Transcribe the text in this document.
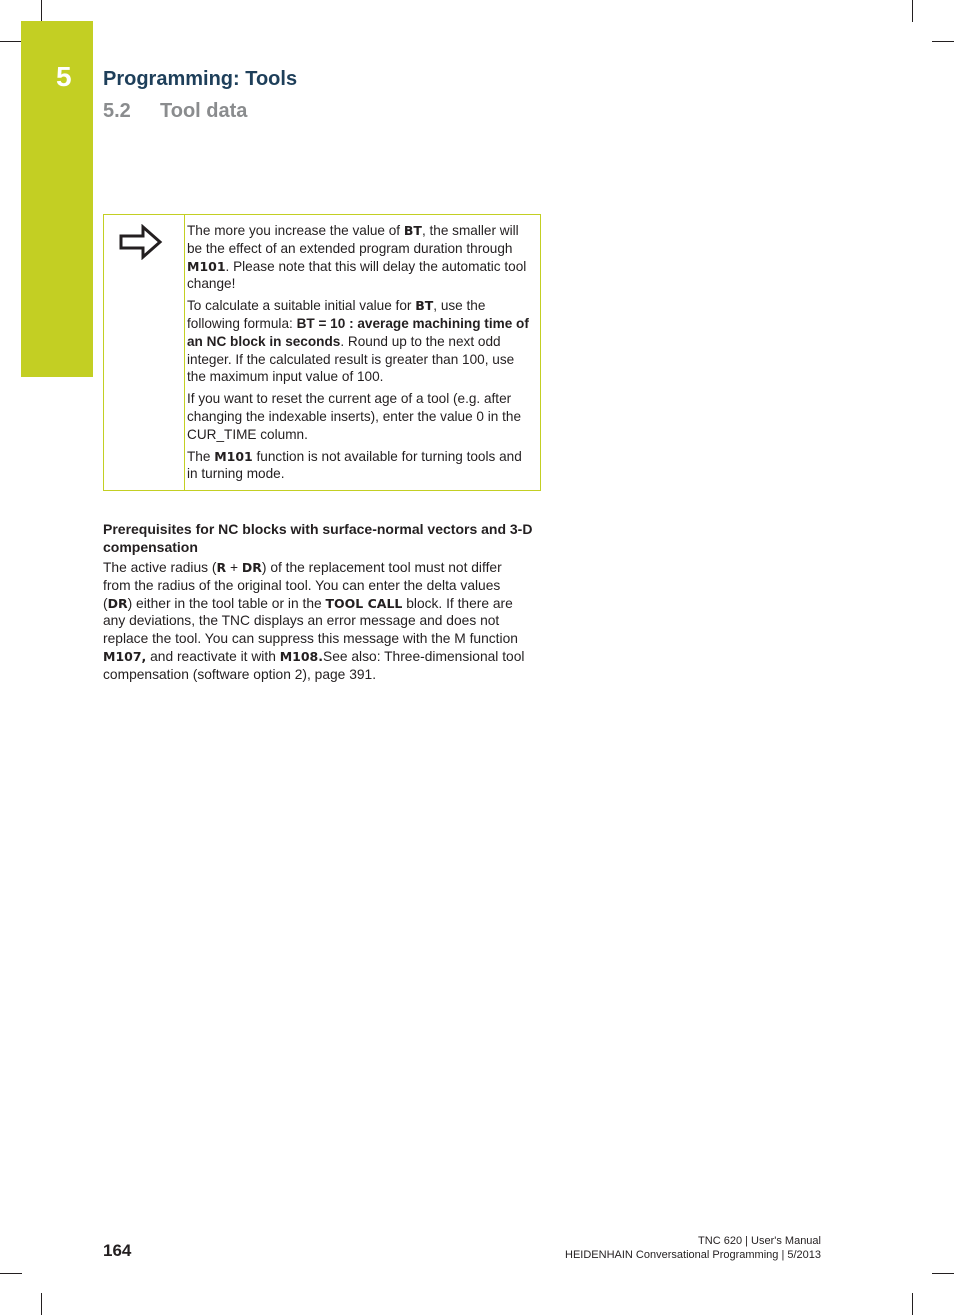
5	Programming: Tools
5.2	Tool data

The more you increase the value of BT, the smaller will be the effect of an extended program duration through M101. Please note that this will delay the automatic tool change!

To calculate a suitable initial value for BT, use the following formula: BT = 10 : average machining time of an NC block in seconds. Round up to the next odd integer. If the calculated result is greater than 100, use the maximum input value of 100.

If you want to reset the current age of a tool (e.g. after changing the indexable inserts), enter the value 0 in the CUR_TIME column.

The M101 function is not available for turning tools and in turning mode.

Prerequisites for NC blocks with surface-normal vectors and 3-D compensation

The active radius (R + DR) of the replacement tool must not differ from the radius of the original tool. You can enter the delta values (DR) either in the tool table or in the TOOL CALL block. If there are any deviations, the TNC displays an error message and does not replace the tool. You can suppress this message with the M function M107, and reactivate it with M108.See also: Three-dimensional tool compensation (software option 2), page 391.

164	TNC 620 | User's Manual
HEIDENHAIN Conversational Programming | 5/2013
